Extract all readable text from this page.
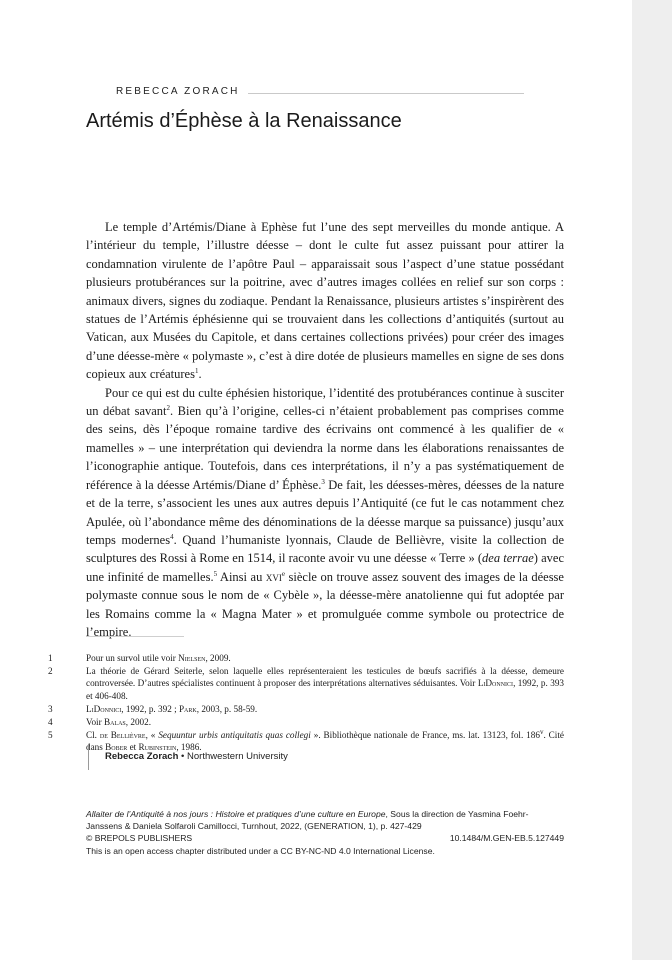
REBECCA ZORACH
Artémis d’Éphèse à la Renaissance

Le temple d’Artémis/Diane à Ephèse fut l’une des sept merveilles du monde antique. A l’intérieur du temple, l’illustre déesse – dont le culte fut assez puissant pour attirer la condamnation virulente de l’apôtre Paul – apparaissait sous l’aspect d’une statue possédant plusieurs protubérances sur la poitrine, avec d’autres images collées en relief sur son corps : animaux divers, signes du zodiaque. Pendant la Renaissance, plusieurs artistes s’inspirèrent des statues de l’Artémis éphésienne qui se trouvaient dans les collections d’antiquités (surtout au Vatican, aux Musées du Capitole, et dans certaines collections privées) pour créer des images d’une déesse-mère « polymaste », c’est à dire dotée de plusieurs mamelles en signe de ses dons copieux aux créatures$^1$.

Pour ce qui est du culte éphésien historique, l’identité des protubérances continue à susciter un débat savant$^2$. Bien qu’à l’origine, celles-ci n’étaient probablement pas comprises comme des seins, dès l’époque romaine tardive des écrivains ont commencé à les qualifier de « mamelles » – une interprétation qui deviendra la norme dans les élaborations renaissantes de l’iconographie antique. Toutefois, dans ces interprétations, il n’y a pas systématiquement de référence à la déesse Artémis/Diane d’ Éphèse.$^3$ De fait, les déesses-mères, déesses de la nature et de la terre, s’associent les unes aux autres depuis l’Antiquité (ce fut le cas notamment chez Apulée, où l’abondance même des dénominations de la déesse marque sa puissance) jusqu’aux temps modernes$^4$. Quand l’humaniste lyonnais, Claude de Bellièvre, visite la collection de sculptures des Rossi à Rome en 1514, il raconte avoir vu une déesse « Terre » (dea terrae) avec une infinité de mamelles.$^5$ Ainsi au xvi$^e$ siècle on trouve assez souvent des images de la déesse polymaste connue sous le nom de « Cybèle », la déesse-mère anatolienne qui fut adoptée par les Romains comme la « Magna Mater » et promulguée comme symbole ou protectrice de l’empire.

1	Pour un survol utile voir Nielsen, 2009.
2	La théorie de Gérard Seiterle, selon laquelle elles représenteraient les testicules de bœufs sacrifiés à la déesse, demeure controversée. D’autres spécialistes continuent à proposer des interprétations alternatives séduisantes. Voir LiDonnici, 1992, p. 393 et 406-408.
3	LiDonnici, 1992, p. 392 ; Park, 2003, p. 58-59.
4	Voir Balas, 2002.
5	Cl. de Bellièvre, « Sequuntur urbis antiquitatis quas collegi ». Bibliothèque nationale de France, ms. lat. 13123, fol. 186$^v$. Cité dans Bober et Rubinstein, 1986.
Rebecca Zorach • Northwestern University
Allaiter de l’Antiquité à nos jours : Histoire et pratiques d’une culture en Europe, Sous la direction de Yasmina Foehr-Janssens & Daniela Solfaroli Camillocci, Turnhout, 2022, (GENERATION, 1), p. 427-429
© BREPOLS PUBLISHERS	10.1484/M.GEN-EB.5.127449
This is an open access chapter distributed under a CC BY-NC-ND 4.0 International License.
